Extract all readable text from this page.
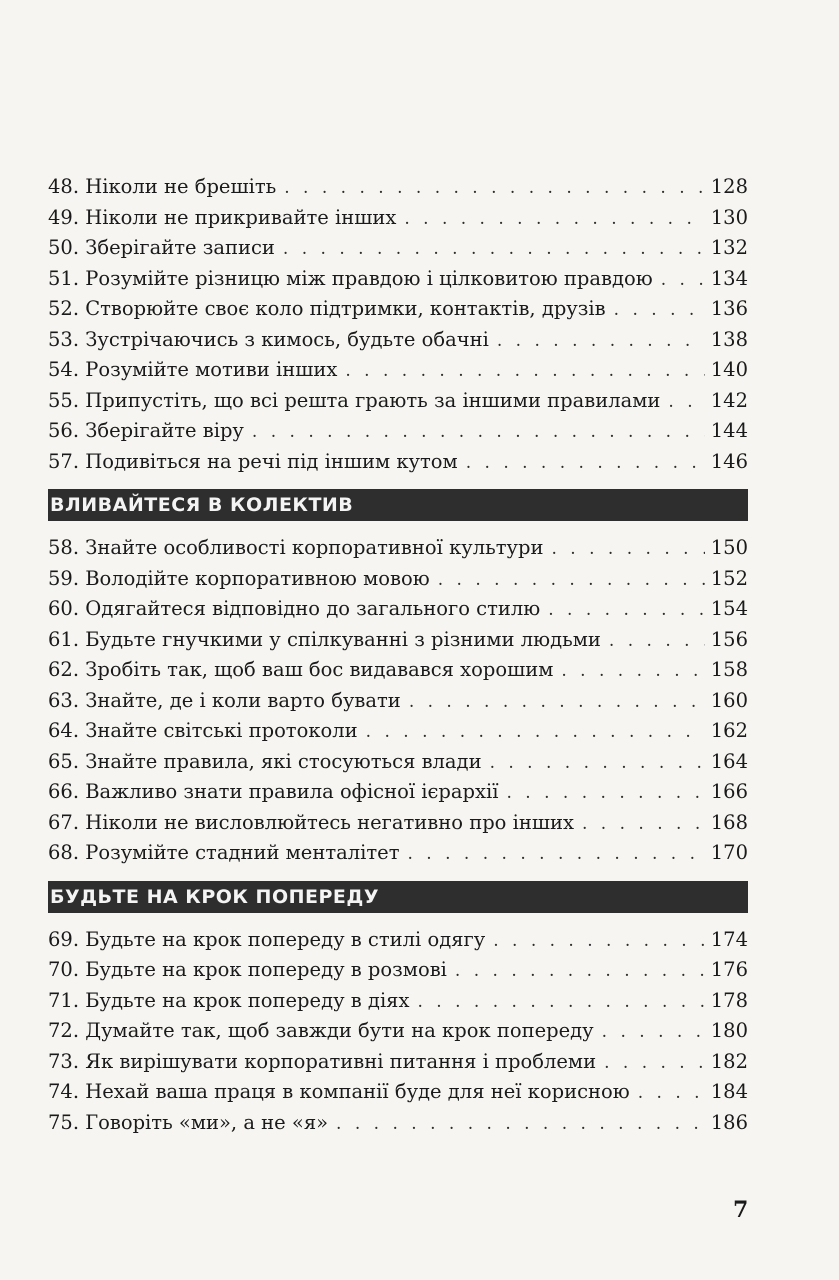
48. Ніколи не брешіть . . .	128
49. Ніколи не прикривайте інших . . .	130
50. Зберігайте записи . . .	132
51. Розумійте різницю між правдою і цілковитою правдою . . .	134
52. Створюйте своє коло підтримки, контактів, друзів . . .	136
53. Зустрічаючись з кимось, будьте обачні . . .	138
54. Розумійте мотиви інших . . .	140
55. Припустіть, що всі решта грають за іншими правилами . . .	142
56. Зберігайте віру . . .	144
57. Подивіться на речі під іншим кутом . . .	146
ВЛИВАЙТЕСЯ В КОЛЕКТИВ
58. Знайте особливості корпоративної культури . . .	150
59. Володійте корпоративною мовою . . .	152
60. Одягайтеся відповідно до загального стилю . . .	154
61. Будьте гнучкими у спілкуванні з різними людьми . . .	156
62. Зробіть так, щоб ваш бос видавався хорошим . . .	158
63. Знайте, де і коли варто бувати . . .	160
64. Знайте світські протоколи . . .	162
65. Знайте правила, які стосуються влади . . .	164
66. Важливо знати правила офісної ієрархії . . .	166
67. Ніколи не висловлюйтесь негативно про інших . . .	168
68. Розумійте стадний менталітет . . .	170
БУДЬТЕ НА КРОК ПОПЕРЕДУ
69. Будьте на крок попереду в стилі одягу . . .	174
70. Будьте на крок попереду в розмові . . .	176
71. Будьте на крок попереду в діях . . .	178
72. Думайте так, щоб завжди бути на крок попереду . . .	180
73. Як вирішувати корпоративні питання і проблеми . . .	182
74. Нехай ваша праця в компанії буде для неї корисною . . .	184
75. Говоріть «ми», а не «я» . . .	186
7
